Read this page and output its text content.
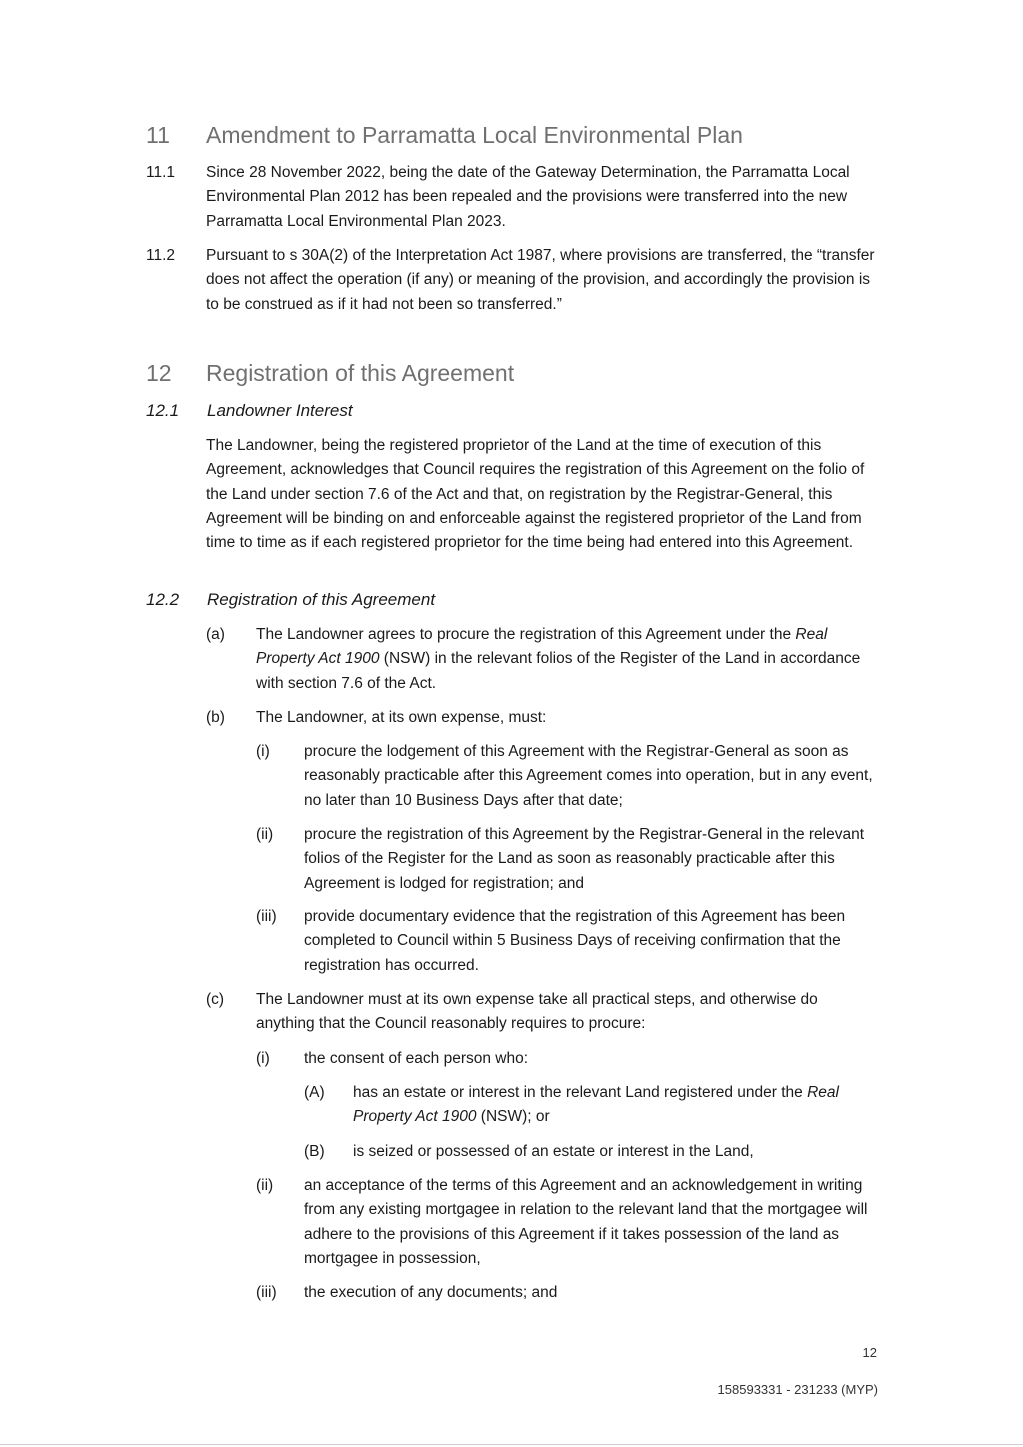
11 Amendment to Parramatta Local Environmental Plan
11.1 Since 28 November 2022, being the date of the Gateway Determination, the Parramatta Local Environmental Plan 2012 has been repealed and the provisions were transferred into the new Parramatta Local Environmental Plan 2023.
11.2 Pursuant to s 30A(2) of the Interpretation Act 1987, where provisions are transferred, the “transfer does not affect the operation (if any) or meaning of the provision, and accordingly the provision is to be construed as if it had not been so transferred.”
12 Registration of this Agreement
12.1 Landowner Interest
The Landowner, being the registered proprietor of the Land at the time of execution of this Agreement, acknowledges that Council requires the registration of this Agreement on the folio of the Land under section 7.6 of the Act and that, on registration by the Registrar-General, this Agreement will be binding on and enforceable against the registered proprietor of the Land from time to time as if each registered proprietor for the time being had entered into this Agreement.
12.2 Registration of this Agreement
(a) The Landowner agrees to procure the registration of this Agreement under the Real Property Act 1900 (NSW) in the relevant folios of the Register of the Land in accordance with section 7.6 of the Act.
(b) The Landowner, at its own expense, must:
(i) procure the lodgement of this Agreement with the Registrar-General as soon as reasonably practicable after this Agreement comes into operation, but in any event, no later than 10 Business Days after that date;
(ii) procure the registration of this Agreement by the Registrar-General in the relevant folios of the Register for the Land as soon as reasonably practicable after this Agreement is lodged for registration; and
(iii) provide documentary evidence that the registration of this Agreement has been completed to Council within 5 Business Days of receiving confirmation that the registration has occurred.
(c) The Landowner must at its own expense take all practical steps, and otherwise do anything that the Council reasonably requires to procure:
(i) the consent of each person who:
(A) has an estate or interest in the relevant Land registered under the Real Property Act 1900 (NSW); or
(B) is seized or possessed of an estate or interest in the Land,
(ii) an acceptance of the terms of this Agreement and an acknowledgement in writing from any existing mortgagee in relation to the relevant land that the mortgagee will adhere to the provisions of this Agreement if it takes possession of the land as mortgagee in possession,
(iii) the execution of any documents; and
12
158593331 - 231233 (MYP)
